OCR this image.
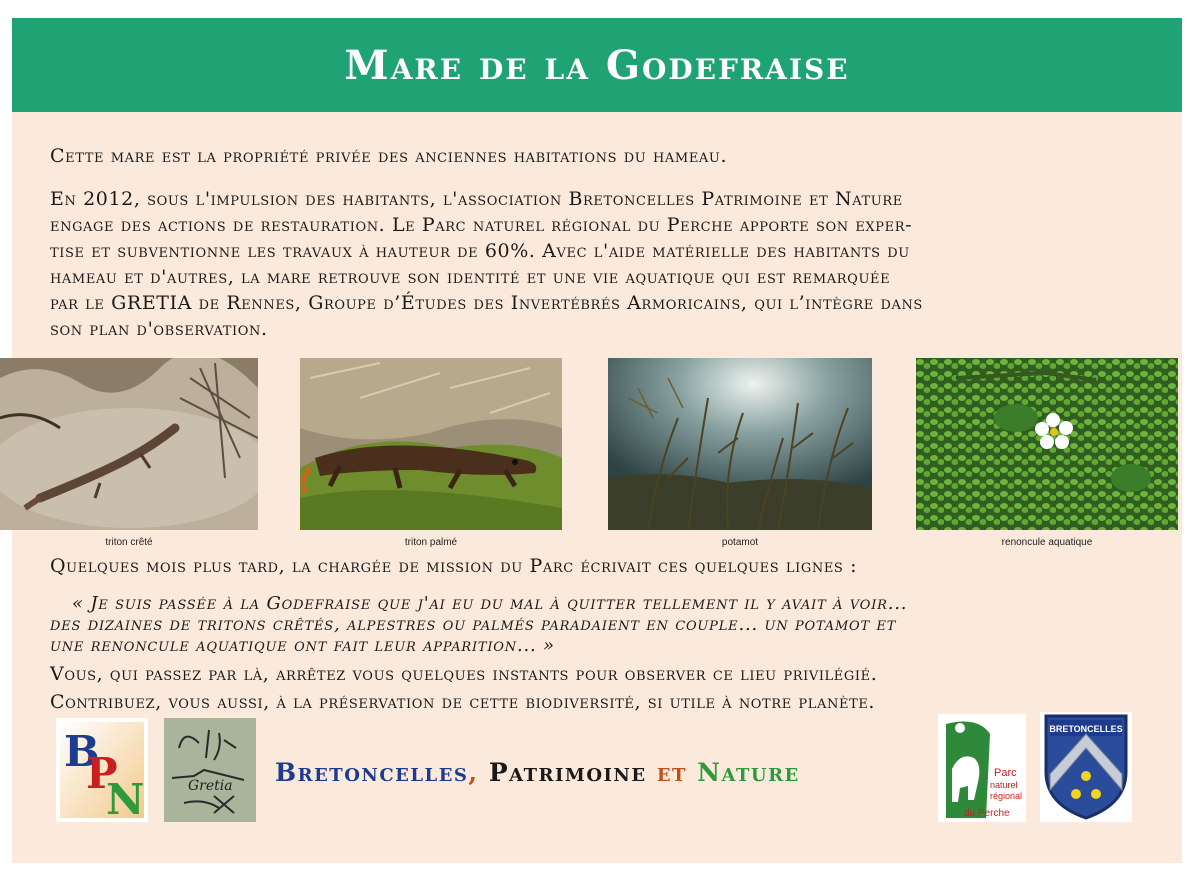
Mare de la Godefraise

Cette mare est la propriété privée des anciennes habitations du hameau.

En 2012, sous l'impulsion des habitants, l'association Bretoncelles Patrimoine et Nature
engage des actions de restauration. Le Parc naturel régional du Perche apporte son exper-
tise et subventionne les travaux à hauteur de 60%. Avec l'aide matérielle des habitants du
hameau et d'autres, la mare retrouve son identité et une vie aquatique qui est remarquée
par le GRETIA de Rennes, Groupe d’Études des Invertébrés Armoricains, qui l’intègre dans
son plan d'observation.
triton crêté	triton palmé	potamot	renoncule aquatique

Quelques mois plus tard, la chargée de mission du Parc écrivait ces quelques lignes :

« Je suis passée à la Godefraise que j'ai eu du mal à quitter tellement il y avait à voir...
des dizaines de tritons crêtés, alpestres ou palmés paradaient en couple... un potamot et
une renoncule aquatique ont fait leur apparition... »
Vous, qui passez par là, arrêtez vous quelques instants pour observer ce lieu privilégié.
Contribuez, vous aussi, à la préservation de cette biodiversité, si utile à notre planète.
B
P
N	Gretia Bretoncelles, Patrimoine et Nature	Parc
naturel
régional
du Perche
BRETONCELLES
